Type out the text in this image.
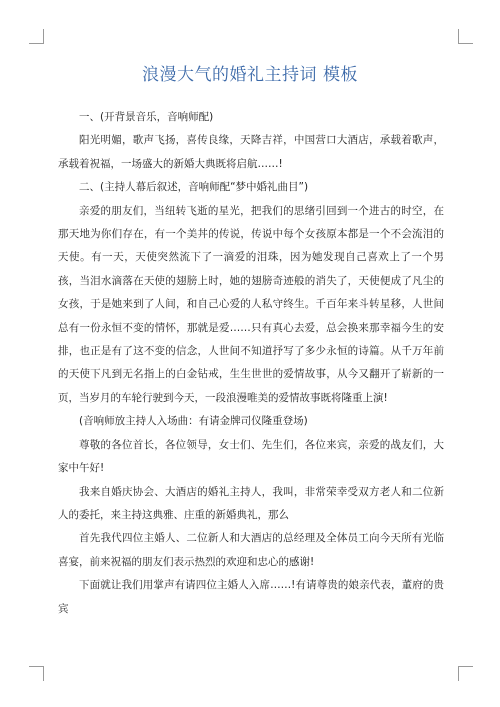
浪漫大气的婚礼主持词 模板

一、(开背景音乐，音响师配)

阳光明媚，歌声飞扬，喜传良缘，天降吉祥，中国营口大酒店，承载着歌声，承载着祝福，一场盛大的新婚大典既将启航……!

二、(主持人幕后叙述，音响师配“梦中婚礼曲目”)

亲爱的朋友们，当纽转飞逝的星光，把我们的思绪引回到一个进古的时空，在那天地为你们存在，有一个美丼的传说，传说中每个女孩原本都是一个不会流泪的天使。有一天，天使突然流下了一滴爱的泪珠，因为她发现自己喜欢上了一个男孩，当泪水滴落在天使的翅膀上时，她的翅膀奇迹般的消失了，天使便成了凡尘的女孩，于是她来到了人间，和自己心爱的人私守终生。千百年来斗转星移，人世间总有一份永恒不变的情怀，那就是爱……只有真心去爱，总会换来那幸福今生的安排，也正是有了这不变的信念，人世间不知道抒写了多少永恒的诗篇。从千万年前的天使下凡到无名指上的白金钻戒，生生世世的爱情故事，从今又翻开了崭新的一页，当岁月的车轮行驶到今天，一段浪漫唯美的爱情故事既将隆重上演!

(音响师放主持人入场曲：有请金牌司仪隆重登场)

尊敬的各位首长，各位领导，女士们、先生们，各位来宾，亲爱的战友们，大家中午好!

我来自婚庆协会、大酒店的婚礼主持人，我叫，非常荣幸受双方老人和二位新人的委托，来主持这典雅、庄重的新婚典礼，那么

首先我代四位主婚人、二位新人和大酒店的总经理及全体员工向今天所有光临喜宴，前来祝福的朋友们表示热烈的欢迎和忠心的感谢!

下面就让我们用掌声有请四位主婚人入席……!有请尊贵的娘亲代表，董府的贵宾
